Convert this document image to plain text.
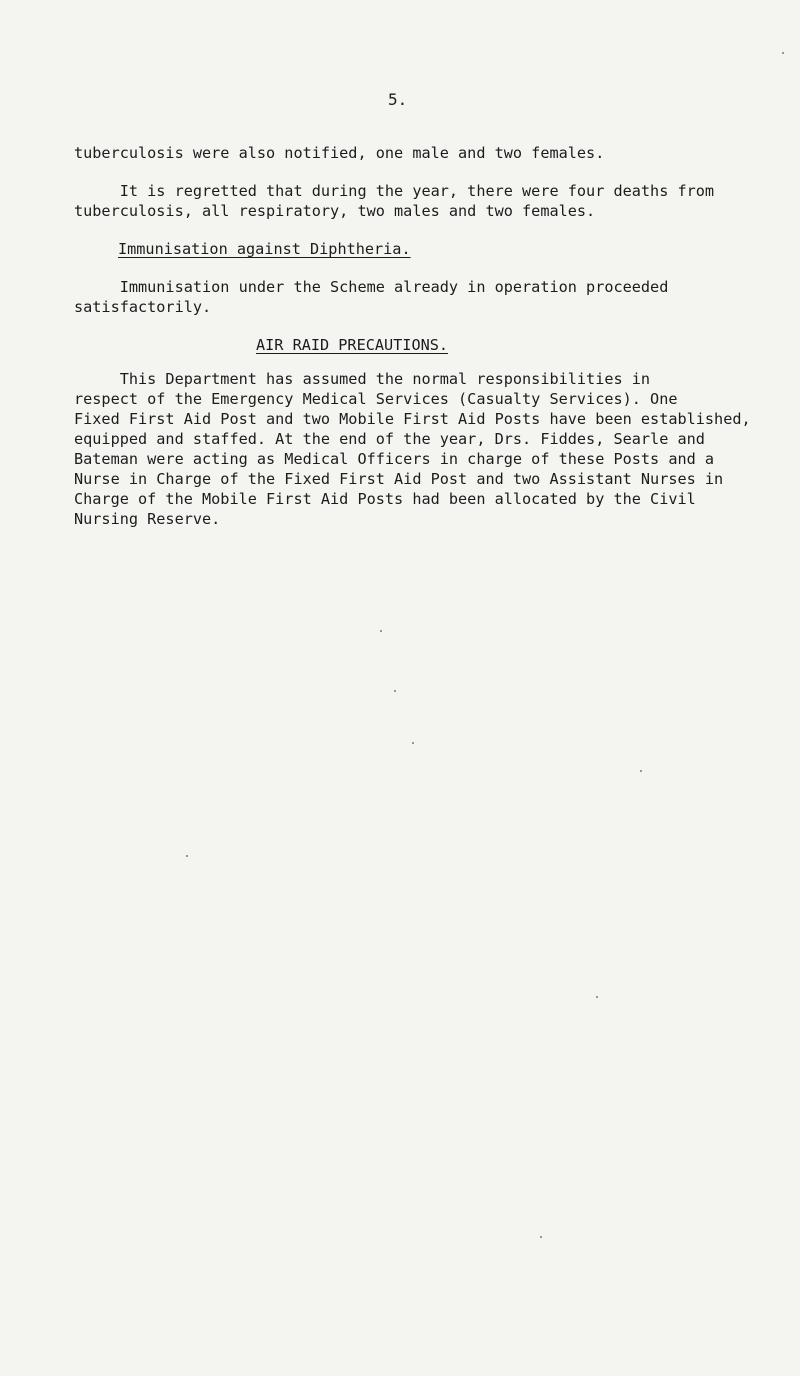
5.
tuberculosis were also notified, one male and two females.
It is regretted that during the year, there were four deaths from
tuberculosis, all respiratory, two males and two females.
Immunisation against Diphtheria.
Immunisation under the Scheme already in operation proceeded
satisfactorily.
AIR RAID PRECAUTIONS.
This Department has assumed the normal responsibilities in
respect of the Emergency Medical Services (Casualty Services). One
Fixed First Aid Post and two Mobile First Aid Posts have been established,
equipped and staffed. At the end of the year, Drs. Fiddes, Searle and
Bateman were acting as Medical Officers in charge of these Posts and a
Nurse in Charge of the Fixed First Aid Post and two Assistant Nurses in
Charge of the Mobile First Aid Posts had been allocated by the Civil
Nursing Reserve.
